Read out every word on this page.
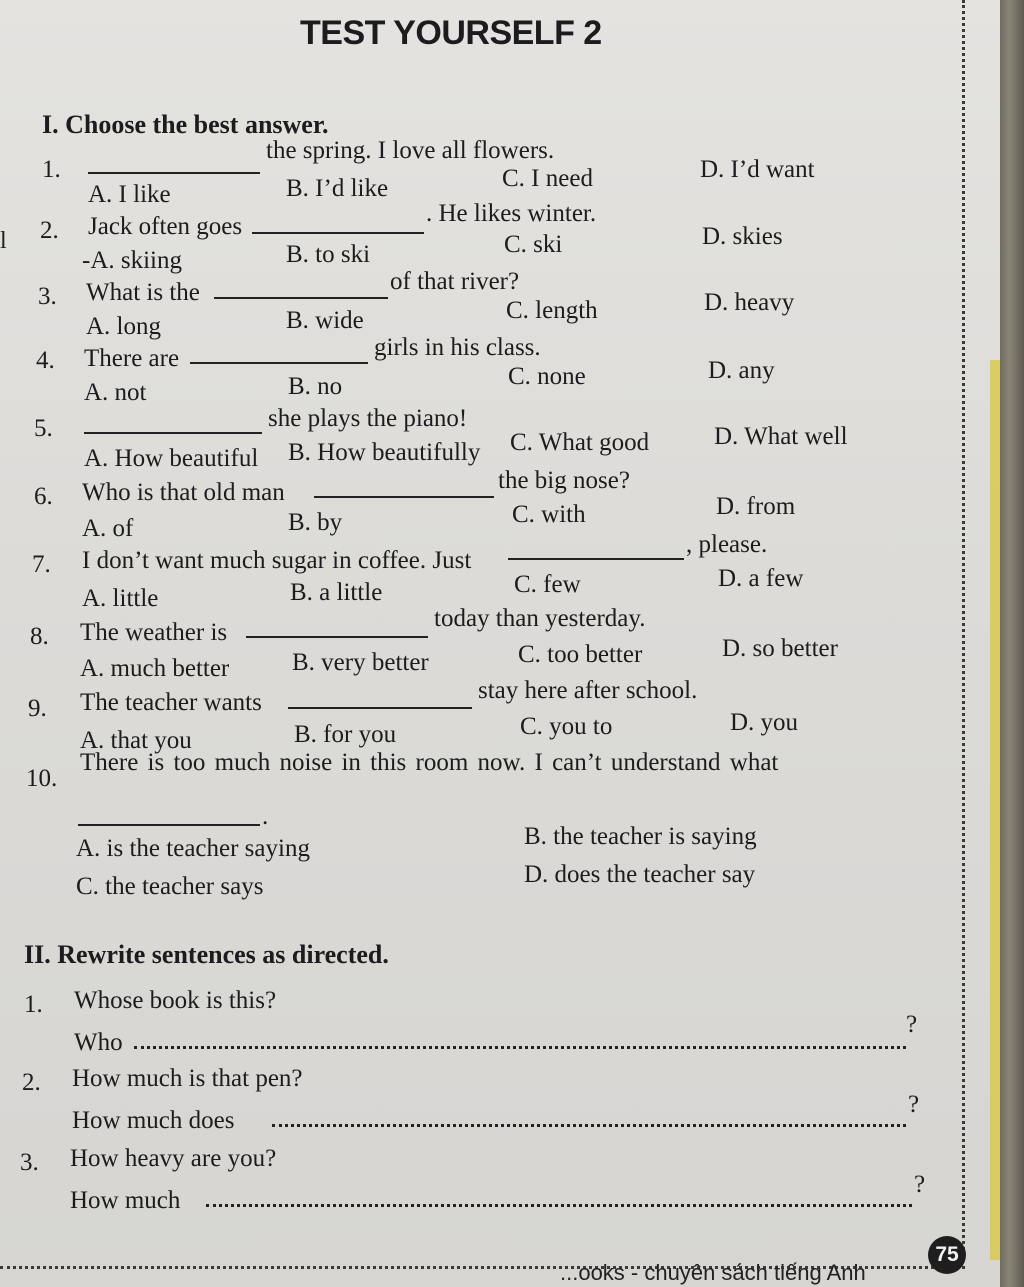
l
TEST YOURSELF 2
I. Choose the best answer.
1.
the spring. I love all flowers.
A. I like	B. I’d like	C. I need	D. I’d want
2. Jack often goes	. He likes winter.
-A. skiing	B. to ski	C. ski	D. skies
3. What is the	of that river?
A. long	B. wide	C. length	D. heavy
4. There are	girls in his class.
A. not	B. no	C. none	D. any
5.	she plays the piano!
A. How beautiful B. How beautifully C. What good	D. What well
6. Who is that old man	the big nose?
A. of	B. by	C. with	D. from
7. I don’t want much sugar in coffee. Just
, please.
A. little	B. a little	C. few	D. a few
8. The weather is
today than yesterday.
A. much better	B. very better	C. too better	D. so better
9. The teacher wants	stay here after school.
A. that you	B. for you	C. you to	D. you
10.
There is too much noise in this room now. I can’t understand what
.
A. is the teacher saying	B. the teacher is saying
C. the teacher says	D. does the teacher say
II. Rewrite sentences as directed.
1. Whose book is this?
Who
?
2. How much is that pen?
How much does
?
3. How heavy are you?
How much
?
...ooks - chuyên sách tiếng Anh
75
